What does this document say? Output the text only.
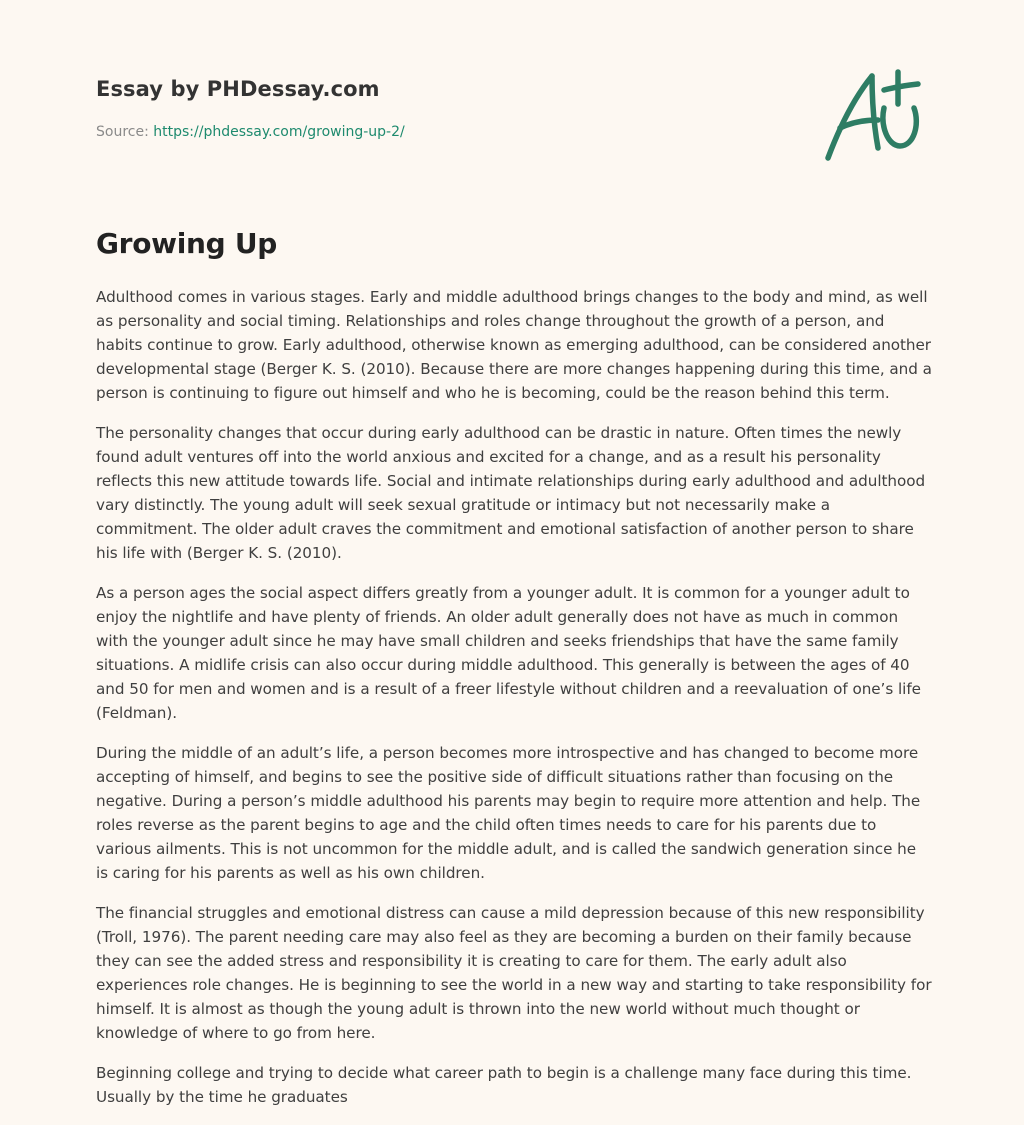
Essay by PHDessay.com
Source: https://phdessay.com/growing-up-2/
Growing Up

Adulthood comes in various stages. Early and middle adulthood brings changes to the body and mind, as well as personality and social timing. Relationships and roles change throughout the growth of a person, and habits continue to grow. Early adulthood, otherwise known as emerging adulthood, can be considered another developmental stage (Berger K. S. (2010). Because there are more changes happening during this time, and a person is continuing to figure out himself and who he is becoming, could be the reason behind this term.

The personality changes that occur during early adulthood can be drastic in nature. Often times the newly found adult ventures off into the world anxious and excited for a change, and as a result his personality reflects this new attitude towards life. Social and intimate relationships during early adulthood and adulthood vary distinctly. The young adult will seek sexual gratitude or intimacy but not necessarily make a commitment. The older adult craves the commitment and emotional satisfaction of another person to share his life with (Berger K. S. (2010).

As a person ages the social aspect differs greatly from a younger adult. It is common for a younger adult to enjoy the nightlife and have plenty of friends. An older adult generally does not have as much in common with the younger adult since he may have small children and seeks friendships that have the same family situations. A midlife crisis can also occur during middle adulthood. This generally is between the ages of 40 and 50 for men and women and is a result of a freer lifestyle without children and a reevaluation of one’s life (Feldman).

During the middle of an adult’s life, a person becomes more introspective and has changed to become more accepting of himself, and begins to see the positive side of difficult situations rather than focusing on the negative. During a person’s middle adulthood his parents may begin to require more attention and help. The roles reverse as the parent begins to age and the child often times needs to care for his parents due to various ailments. This is not uncommon for the middle adult, and is called the sandwich generation since he is caring for his parents as well as his own children.

The financial struggles and emotional distress can cause a mild depression because of this new responsibility (Troll, 1976). The parent needing care may also feel as they are becoming a burden on their family because they can see the added stress and responsibility it is creating to care for them. The early adult also experiences role changes. He is beginning to see the world in a new way and starting to take responsibility for himself. It is almost as though the young adult is thrown into the new world without much thought or knowledge of where to go from here.

Beginning college and trying to decide what career path to begin is a challenge many face during this time. Usually by the time he graduates
